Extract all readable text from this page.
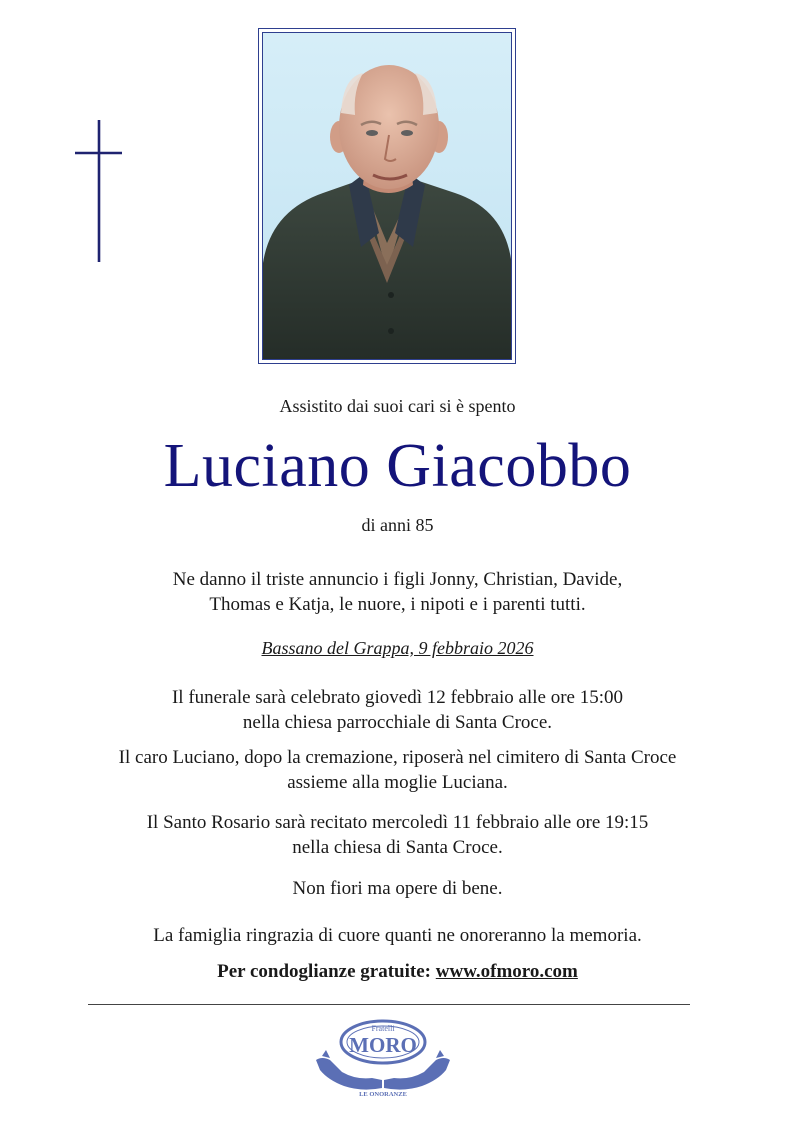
Assistito dai suoi cari si è spento
Luciano Giacobbo
di anni 85
Ne danno il triste annuncio i figli Jonny, Christian, Davide,
Thomas e Katja, le nuore, i nipoti e i parenti tutti.
Bassano del Grappa, 9 febbraio 2026
Il funerale sarà celebrato giovedì 12 febbraio alle ore 15:00
nella chiesa parrocchiale di Santa Croce.
Il caro Luciano, dopo la cremazione, riposerà nel cimitero di Santa Croce
assieme alla moglie Luciana.
Il Santo Rosario sarà recitato mercoledì 11 febbraio alle ore 19:15
nella chiesa di Santa Croce.
Non fiori ma opere di bene.
La famiglia ringrazia di cuore quanti ne onoreranno la memoria.
Per condoglianze gratuite: www.ofmoro.com
Fratelli
MORO
LE ONORANZE
